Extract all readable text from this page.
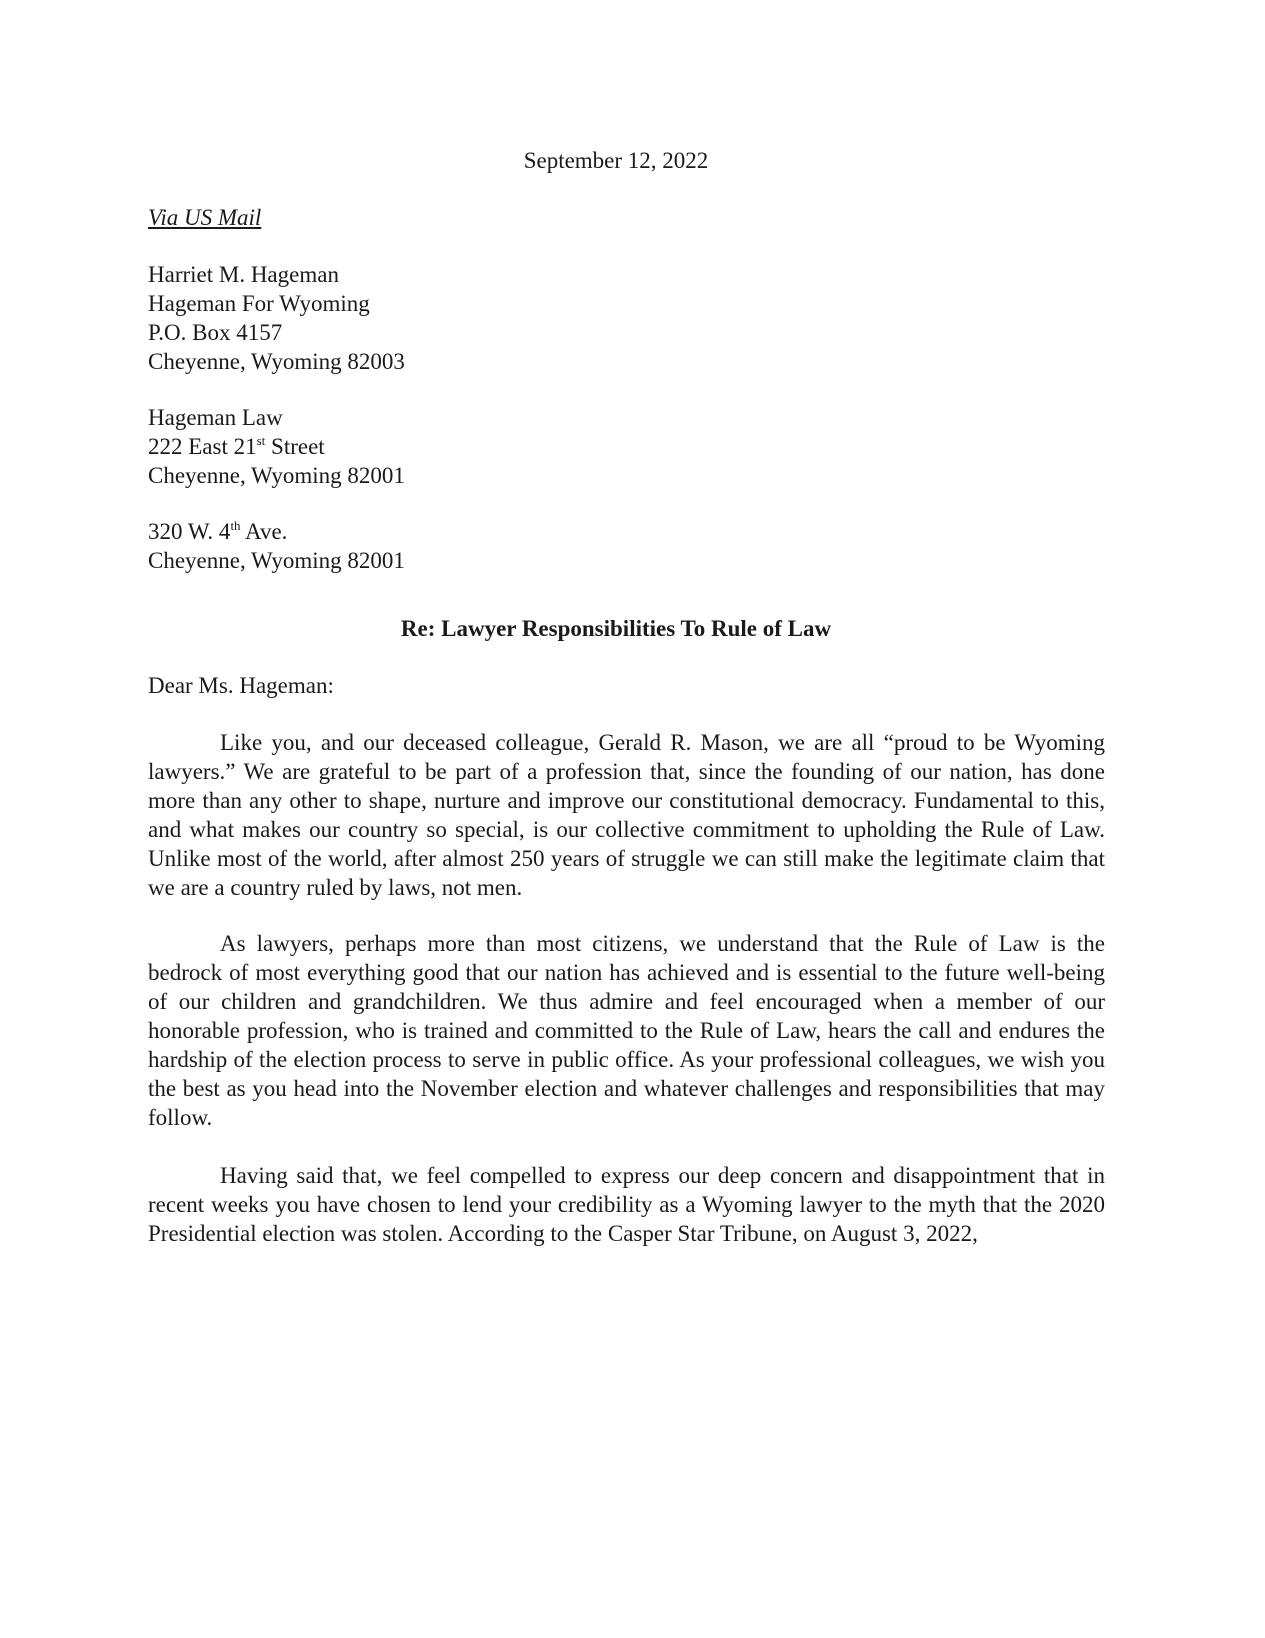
September 12, 2022
Via US Mail
Harriet M. Hageman
Hageman For Wyoming
P.O. Box 4157
Cheyenne, Wyoming 82003
Hageman Law
222 East 21st Street
Cheyenne, Wyoming 82001
320 W. 4th Ave.
Cheyenne, Wyoming 82001
Re: Lawyer Responsibilities To Rule of Law
Dear Ms. Hageman:
Like you, and our deceased colleague, Gerald R. Mason, we are all “proud to be Wyoming lawyers.” We are grateful to be part of a profession that, since the founding of our nation, has done more than any other to shape, nurture and improve our constitutional democracy. Fundamental to this, and what makes our country so special, is our collective commitment to upholding the Rule of Law. Unlike most of the world, after almost 250 years of struggle we can still make the legitimate claim that we are a country ruled by laws, not men.
As lawyers, perhaps more than most citizens, we understand that the Rule of Law is the bedrock of most everything good that our nation has achieved and is essential to the future well-being of our children and grandchildren. We thus admire and feel encouraged when a member of our honorable profession, who is trained and committed to the Rule of Law, hears the call and endures the hardship of the election process to serve in public office. As your professional colleagues, we wish you the best as you head into the November election and whatever challenges and responsibilities that may follow.
Having said that, we feel compelled to express our deep concern and disappointment that in recent weeks you have chosen to lend your credibility as a Wyoming lawyer to the myth that the 2020 Presidential election was stolen. According to the Casper Star Tribune, on August 3, 2022,
